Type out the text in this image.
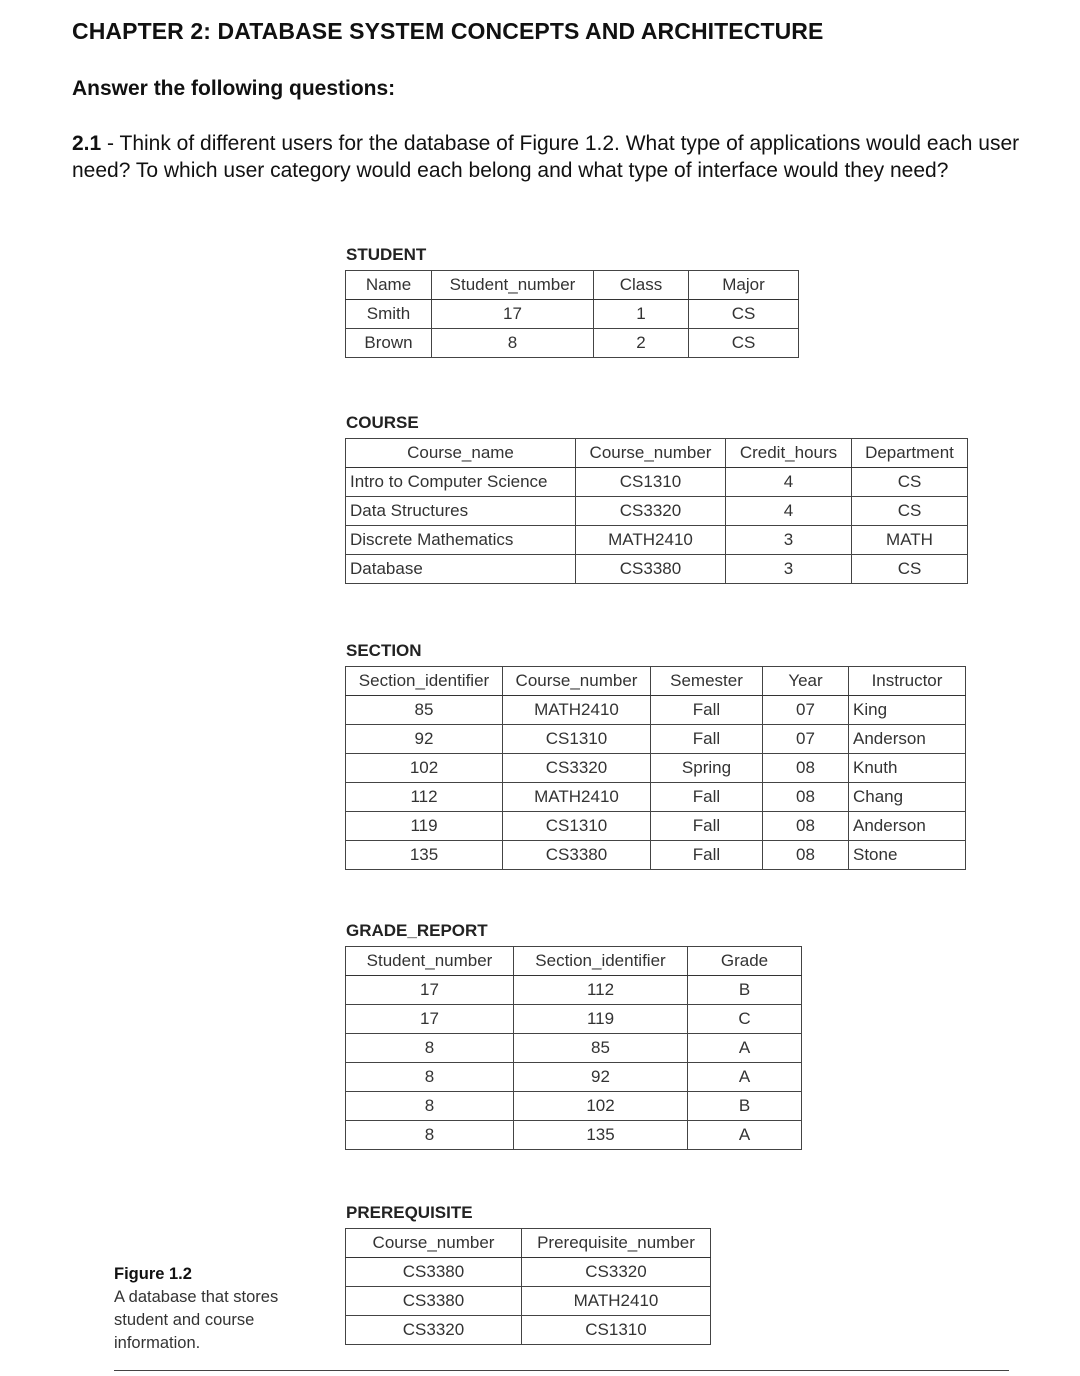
CHAPTER 2: DATABASE SYSTEM CONCEPTS AND ARCHITECTURE
Answer the following questions:
2.1 - Think of different users for the database of Figure 1.2. What type of applications would each user need? To which user category would each belong and what type of interface would they need?
STUDENT
Name	Student_number	Class	Major
Smith	17	1	CS
Brown	8	2	CS
COURSE
Course_name	Course_number	Credit_hours	Department
Intro to Computer Science	CS1310	4	CS
Data Structures	CS3320	4	CS
Discrete Mathematics	MATH2410	3	MATH
Database	CS3380	3	CS
SECTION
Section_identifier	Course_number	Semester	Year	Instructor
85	MATH2410	Fall	07	King
92	CS1310	Fall	07	Anderson
102	CS3320	Spring	08	Knuth
112	MATH2410	Fall	08	Chang
119	CS1310	Fall	08	Anderson
135	CS3380	Fall	08	Stone
GRADE_REPORT
Student_number	Section_identifier	Grade
17	112	B
17	119	C
8	85	A
8	92	A
8	102	B
8	135	A
PREREQUISITE
Course_number	Prerequisite_number
CS3380	CS3320
CS3380	MATH2410
CS3320	CS1310
Figure 1.2
A database that stores student and course information.
